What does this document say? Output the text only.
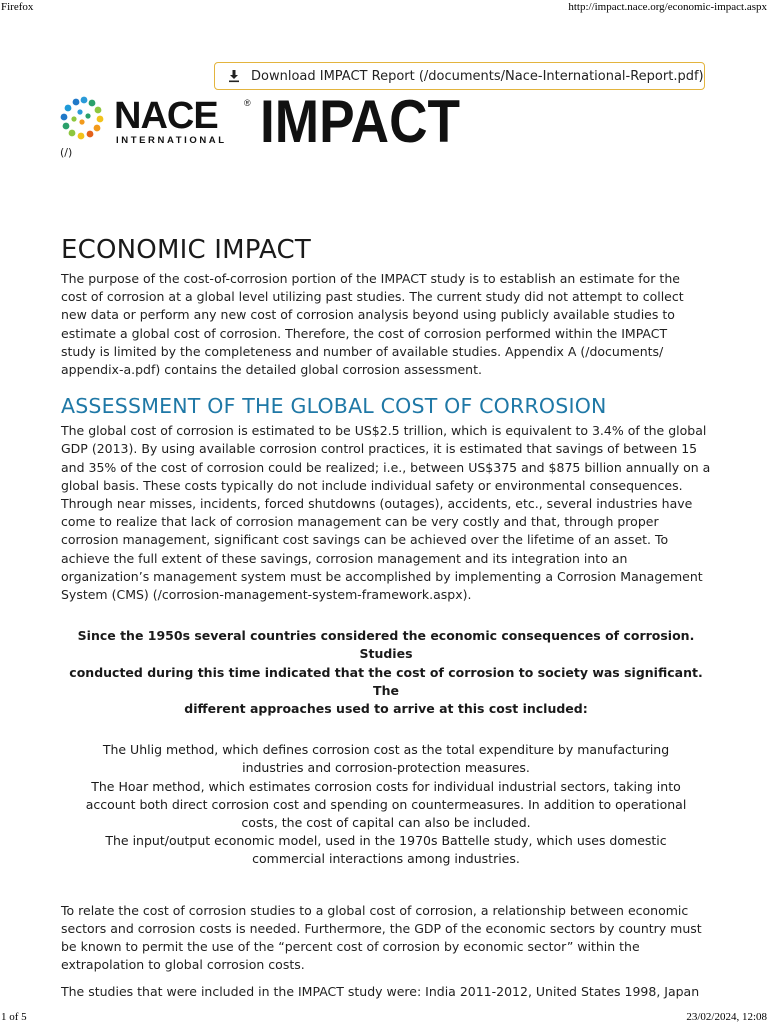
Firefox	http://impact.nace.org/economic-impact.aspx
Download IMPACT Report (/documents/Nace-International-Report.pdf)
NACE	®
INTERNATIONAL IMPACT
(/)
ECONOMIC IMPACT

The purpose of the cost-of-corrosion portion of the IMPACT study is to establish an estimate for the
cost of corrosion at a global level utilizing past studies. The current study did not attempt to collect
new data or perform any new cost of corrosion analysis beyond using publicly available studies to
estimate a global cost of corrosion. Therefore, the cost of corrosion performed within the IMPACT
study is limited by the completeness and number of available studies. Appendix A (/documents/
appendix-a.pdf) contains the detailed global corrosion assessment.

ASSESSMENT OF THE GLOBAL COST OF CORROSION

The global cost of corrosion is estimated to be US$2.5 trillion, which is equivalent to 3.4% of the global
GDP (2013). By using available corrosion control practices, it is estimated that savings of between 15
and 35% of the cost of corrosion could be realized; i.e., between US$375 and $875 billion annually on a
global basis. These costs typically do not include individual safety or environmental consequences.
Through near misses, incidents, forced shutdowns (outages), accidents, etc., several industries have
come to realize that lack of corrosion management can be very costly and that, through proper
corrosion management, significant cost savings can be achieved over the lifetime of an asset. To
achieve the full extent of these savings, corrosion management and its integration into an
organization’s management system must be accomplished by implementing a Corrosion Management
System (CMS) (/corrosion-management-system-framework.aspx).

Since the 1950s several countries considered the economic consequences of corrosion. Studies
conducted during this time indicated that the cost of corrosion to society was significant. The
different approaches used to arrive at this cost included:

The Uhlig method, which defines corrosion cost as the total expenditure by manufacturing
industries and corrosion-protection measures.
The Hoar method, which estimates corrosion costs for individual industrial sectors, taking into
account both direct corrosion cost and spending on countermeasures. In addition to operational
costs, the cost of capital can also be included.
The input/output economic model, used in the 1970s Battelle study, which uses domestic
commercial interactions among industries.

To relate the cost of corrosion studies to a global cost of corrosion, a relationship between economic
sectors and corrosion costs is needed. Furthermore, the GDP of the economic sectors by country must
be known to permit the use of the “percent cost of corrosion by economic sector” within the
extrapolation to global corrosion costs.

The studies that were included in the IMPACT study were: India 2011-2012, United States 1998, Japan

1 of 5	23/02/2024, 12:08
